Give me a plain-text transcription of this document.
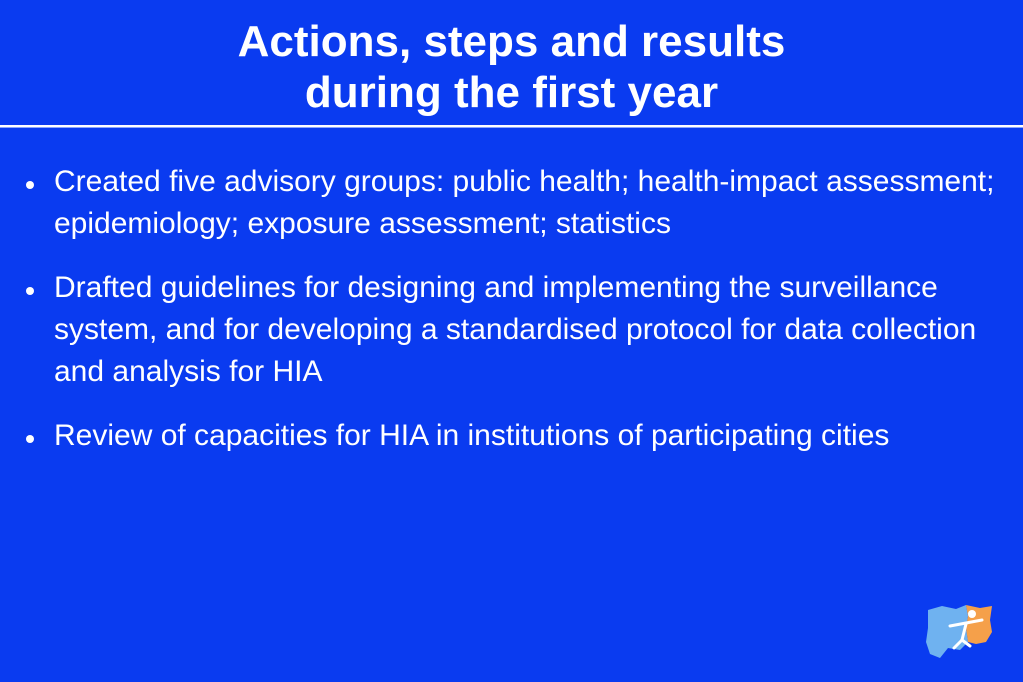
Actions, steps and results
during the first year
Created five advisory groups: public health; health-impact assessment; epidemiology; exposure assessment; statistics
Drafted guidelines for designing and implementing the surveillance system, and for developing a standardised protocol for data collection and analysis for HIA
Review of capacities for HIA in institutions of participating cities
